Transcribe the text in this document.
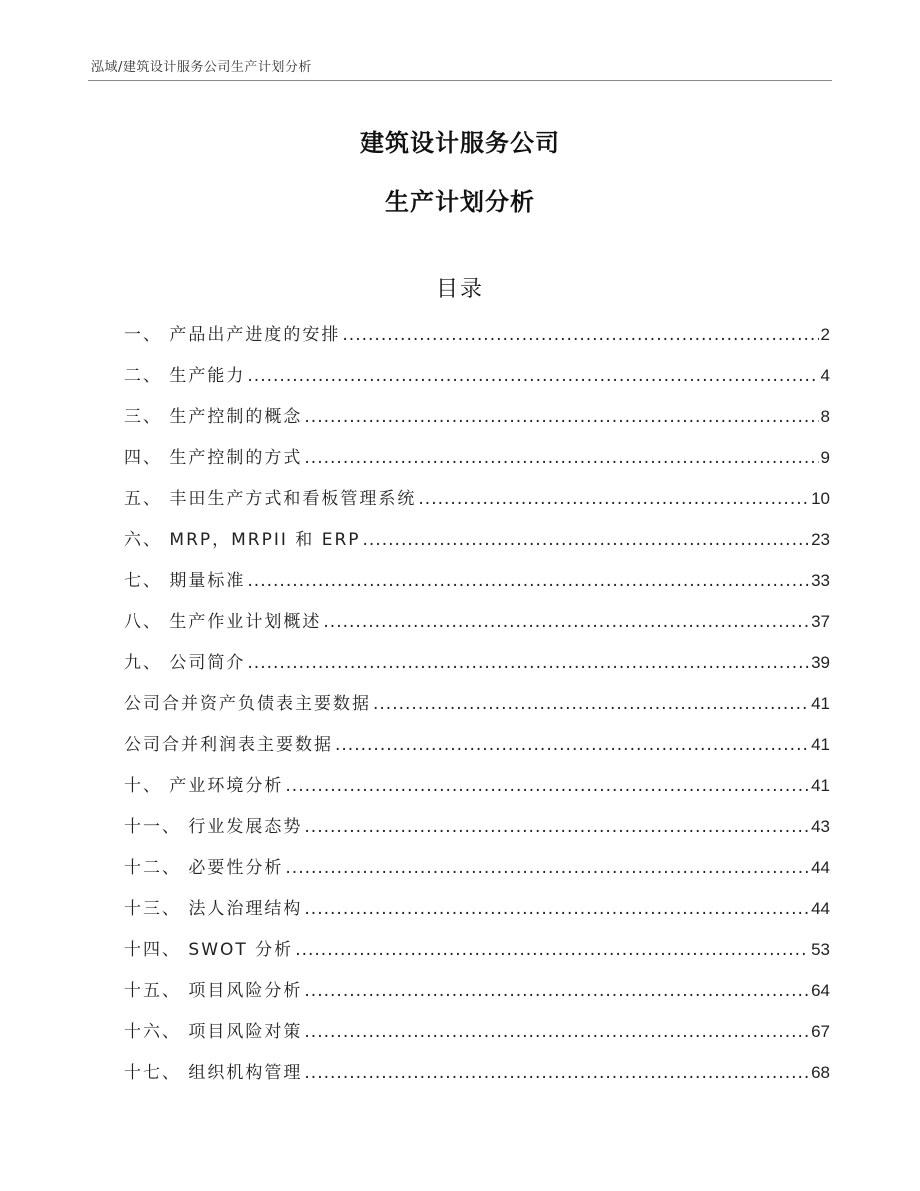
泓域/建筑设计服务公司生产计划分析
建筑设计服务公司
生产计划分析
目录
一、 产品出产进度的安排 .....	2
二、 生产能力 .....	4
三、 生产控制的概念 .....	8
四、 生产控制的方式 .....	9
五、 丰田生产方式和看板管理系统 .....	10
六、 MRP，MRPII 和 ERP .....	23
七、 期量标准 .....	33
八、 生产作业计划概述 .....	37
九、 公司简介 .....	39
公司合并资产负债表主要数据 .....	41
公司合并利润表主要数据 .....	41
十、 产业环境分析 .....	41
十一、 行业发展态势 .....	43
十二、 必要性分析 .....	44
十三、 法人治理结构 .....	44
十四、 SWOT 分析 .....	53
十五、 项目风险分析 .....	64
十六、 项目风险对策 .....	67
十七、 组织机构管理 .....	68
